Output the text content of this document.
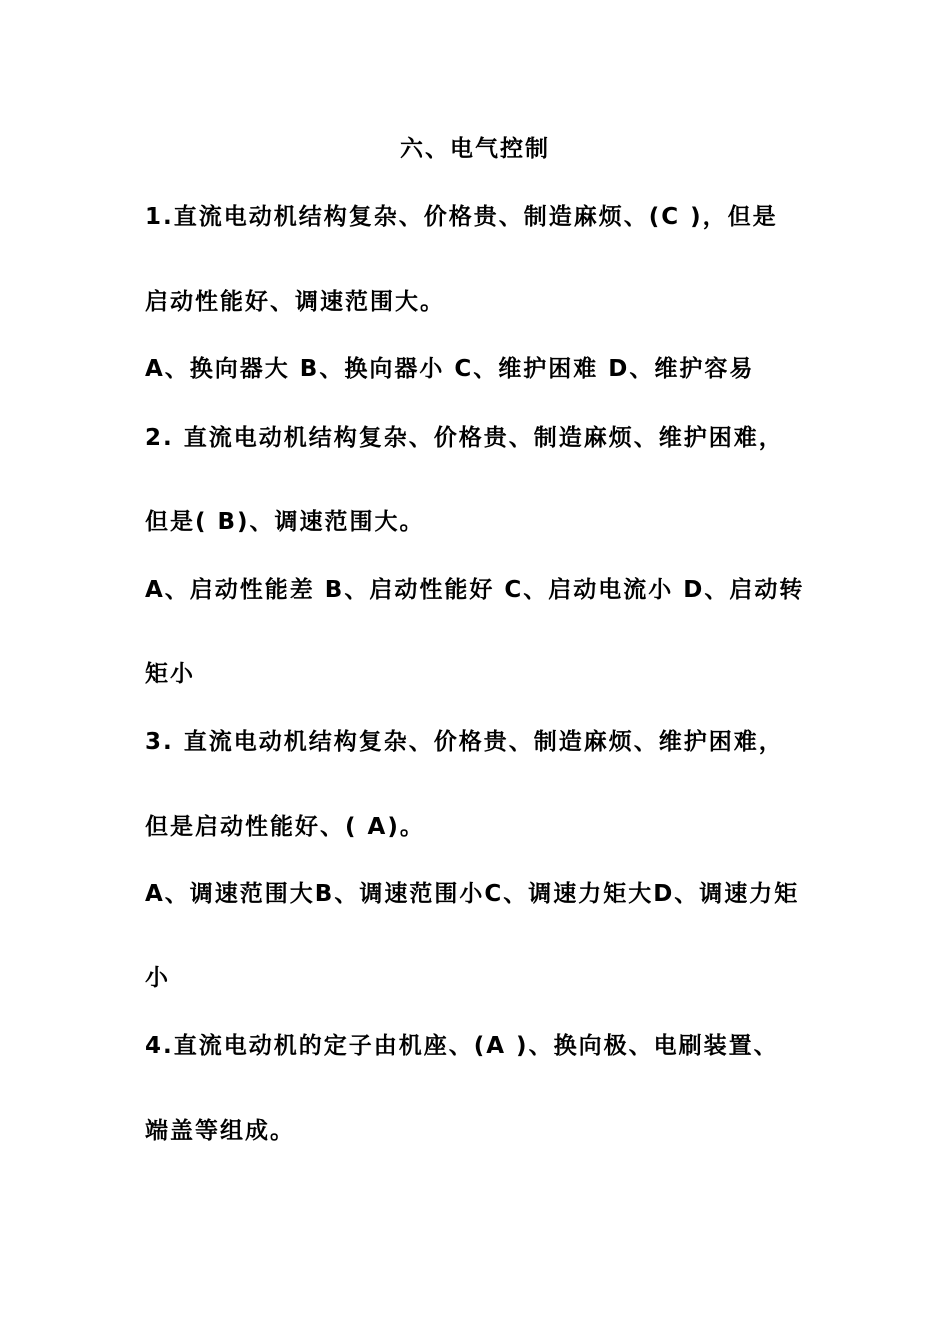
六、电气控制
1.直流电动机结构复杂、价格贵、制造麻烦、(C )，但是
启动性能好、调速范围大。
A、换向器大 B、换向器小 C、维护困难 D、维护容易
2. 直流电动机结构复杂、价格贵、制造麻烦、维护困难，
但是( B)、调速范围大。
A、启动性能差 B、启动性能好 C、启动电流小 D、启动转
矩小
3. 直流电动机结构复杂、价格贵、制造麻烦、维护困难，
但是启动性能好、( A)。
A、调速范围大B、调速范围小C、调速力矩大D、调速力矩
小
4.直流电动机的定子由机座、(A )、换向极、电刷装置、
端盖等组成。
